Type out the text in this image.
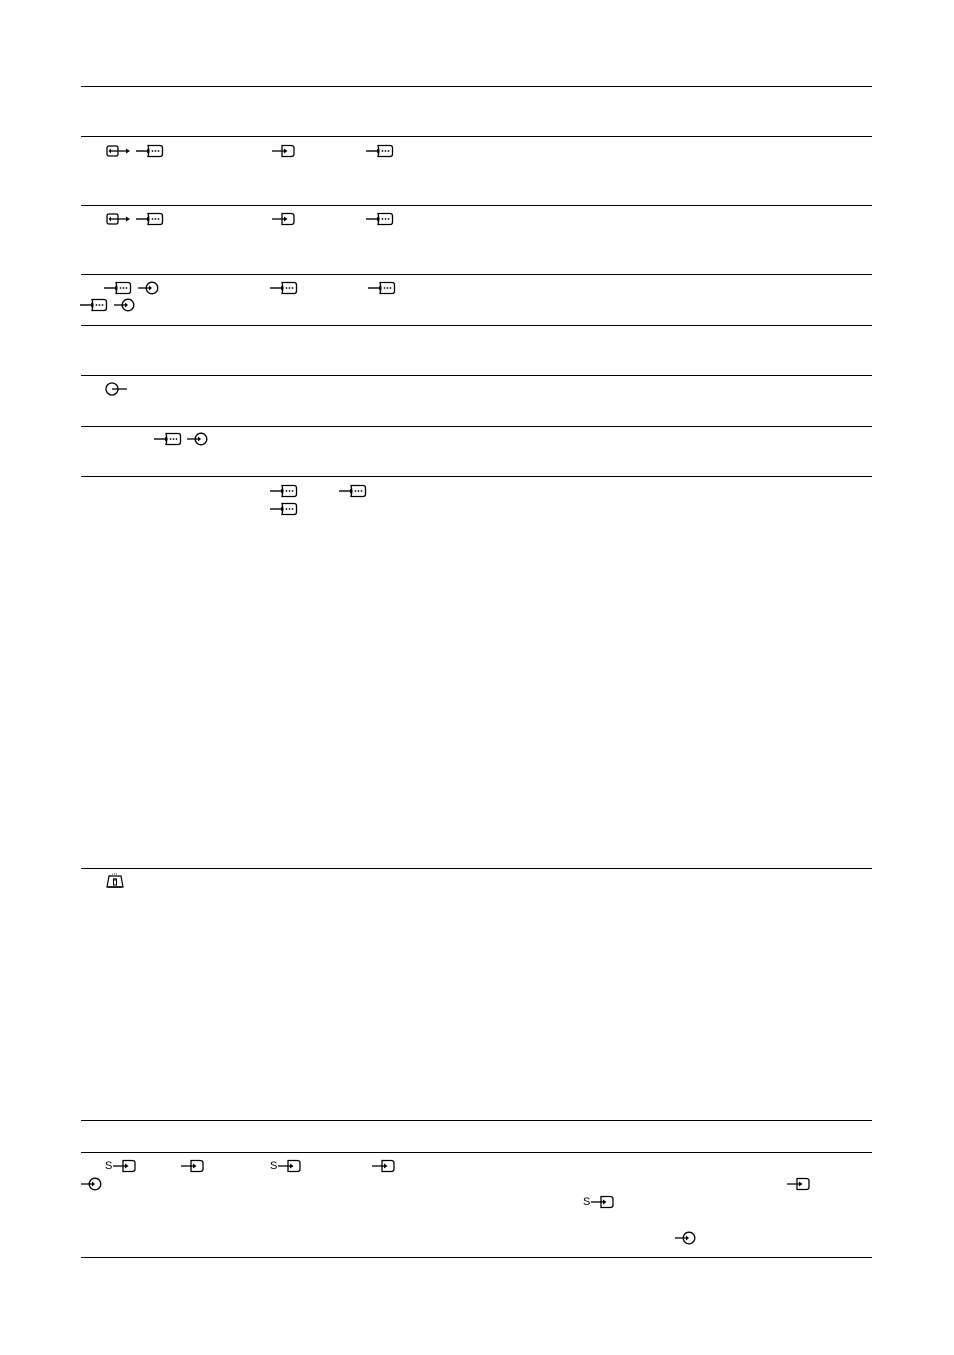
S	S
S
